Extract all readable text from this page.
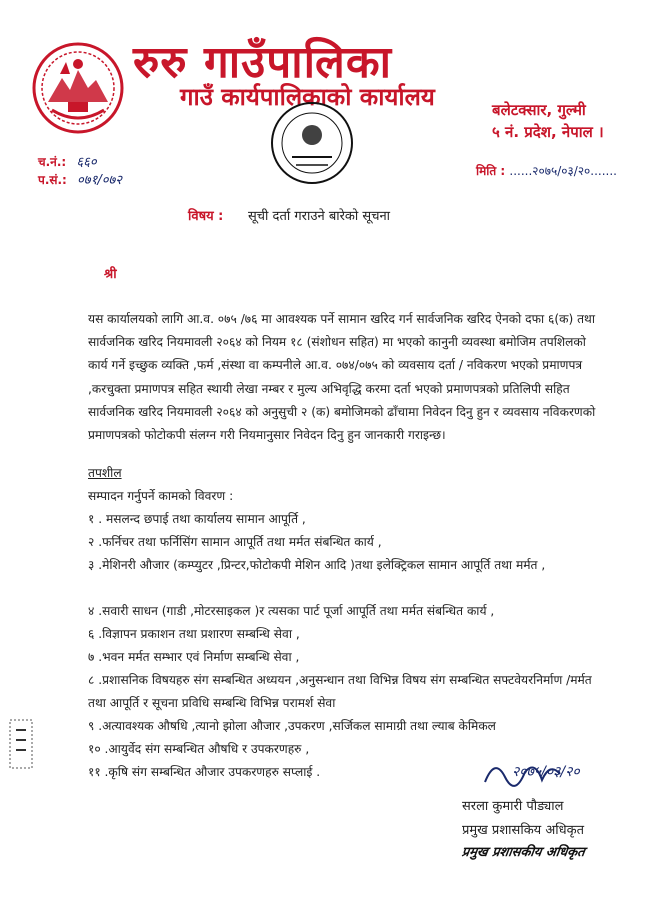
रुरु गाउँपालिका
गाउँ कार्यपालिकाको कार्यालय	बलेटक्सार, गुल्मी
५ नं. प्रदेश, नेपाल ।
च.नं.: ६६०
प.सं.: ०७१/०७२
मिति : ......२०७५/०३/२०.......
विषय : सूची दर्ता गराउने बारेको सूचना
श्री
यस कार्यालयको लागि आ.व. ०७५ /७६ मा आवश्यक पर्ने सामान खरिद गर्न सार्वजनिक खरिद ऐनको दफा ६(क) तथा सार्वजनिक खरिद नियमावली २०६४ को नियम १८ (संशोधन सहित) मा भएको कानुनी व्यवस्था बमोजिम तपशिलको कार्य गर्ने इच्छुक व्यक्ति ,फर्म ,संस्था वा कम्पनीले आ.व. ०७४/०७५ को व्यवसाय दर्ता / नविकरण भएको प्रमाणपत्र ,करचुक्ता प्रमाणपत्र सहित स्थायी लेखा नम्बर र मुल्य अभिवृद्धि करमा दर्ता भएको प्रमाणपत्रको प्रतिलिपी सहित सार्वजनिक खरिद नियमावली २०६४ को अनुसुची २ (क) बमोजिमको ढाँचामा निवेदन दिनु हुन र व्यवसाय नविकरणको प्रमाणपत्रको फोटोकपी संलग्न गरी नियमानुसार निवेदन दिनु हुन जानकारी गराइन्छ।
तपशील
सम्पादन गर्नुपर्ने कामको विवरण :
१ . मसलन्द छपाई तथा कार्यालय सामान आपूर्ति ,
२ .फर्निचर तथा फर्निसिंग सामान आपूर्ति तथा मर्मत संबन्धित कार्य ,
३ .मेशिनरी औजार (कम्प्युटर ,प्रिन्टर,फोटोकपी मेशिन आदि )तथा इलेक्ट्रिकल सामान आपूर्ति तथा मर्मत ,
४ .सवारी साधन (गाडी ,मोटरसाइकल )र त्यसका पार्ट पूर्जा आपूर्ति तथा मर्मत संबन्धित कार्य ,
६ .विज्ञापन प्रकाशन तथा प्रशारण सम्बन्धि सेवा ,
७ .भवन मर्मत सम्भार एवं निर्माण सम्बन्धि सेवा ,
८ .प्रशासनिक विषयहरु संग सम्बन्धित अध्ययन ,अनुसन्धान तथा विभिन्न विषय संग सम्बन्धित सफ्टवेयरनिर्माण /मर्मत तथा आपूर्ति र सूचना प्रविधि सम्बन्धि विभिन्न परामर्श सेवा
९ .अत्यावश्यक औषधि ,त्यानो झोला औजार ,उपकरण ,सर्जिकल सामाग्री तथा ल्याब केमिकल
१० .आयुर्वेद संग सम्बन्धित औषधि र उपकरणहरु ,
११ .कृषि संग सम्बन्धित औजार उपकरणहरु सप्लाई .	२०७५/०३/२०
सरला कुमारी पौड्याल
प्रमुख प्रशासकिय अधिकृत
प्रमुख प्रशासकीय अधिकृत
